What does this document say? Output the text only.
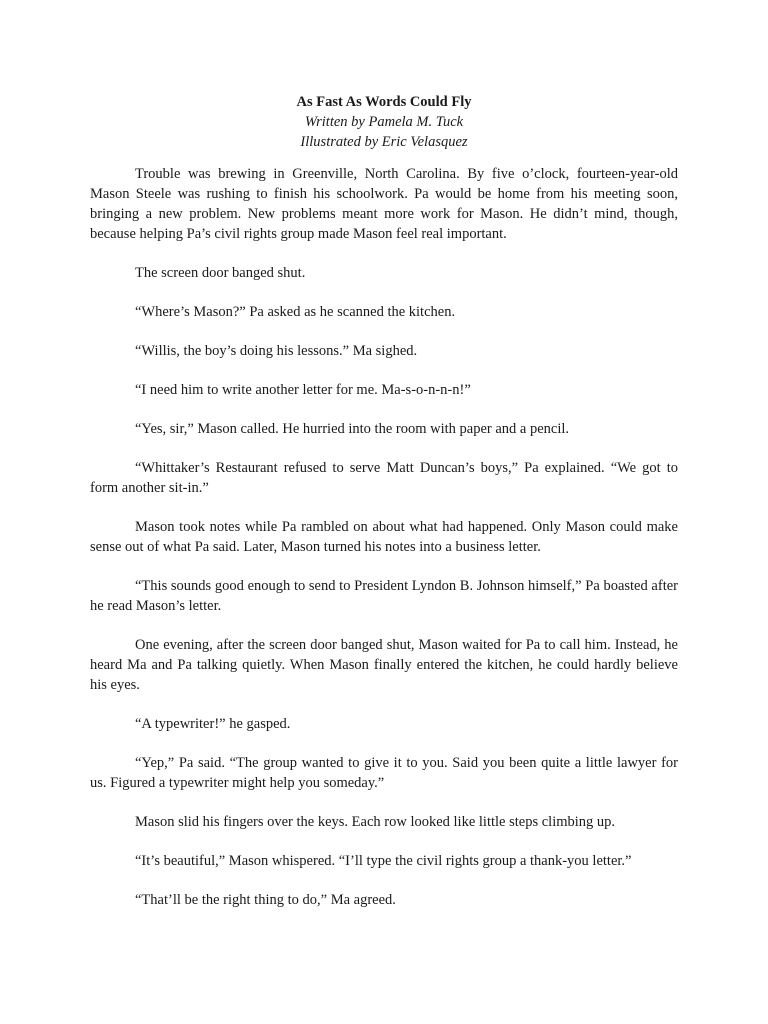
As Fast As Words Could Fly
Written by Pamela M. Tuck
Illustrated by Eric Velasquez

Trouble was brewing in Greenville, North Carolina. By five o’clock, fourteen-year-old Mason Steele was rushing to finish his schoolwork. Pa would be home from his meeting soon, bringing a new problem. New problems meant more work for Mason. He didn’t mind, though, because helping Pa’s civil rights group made Mason feel real important.

The screen door banged shut.

“Where’s Mason?” Pa asked as he scanned the kitchen.

“Willis, the boy’s doing his lessons.” Ma sighed.

“I need him to write another letter for me. Ma-s-o-n-n-n!”

“Yes, sir,” Mason called. He hurried into the room with paper and a pencil.

“Whittaker’s Restaurant refused to serve Matt Duncan’s boys,” Pa explained. “We got to form another sit-in.”

Mason took notes while Pa rambled on about what had happened. Only Mason could make sense out of what Pa said. Later, Mason turned his notes into a business letter.

“This sounds good enough to send to President Lyndon B. Johnson himself,” Pa boasted after he read Mason’s letter.

One evening, after the screen door banged shut, Mason waited for Pa to call him. Instead, he heard Ma and Pa talking quietly. When Mason finally entered the kitchen, he could hardly believe his eyes.

“A typewriter!” he gasped.

“Yep,” Pa said. “The group wanted to give it to you. Said you been quite a little lawyer for us. Figured a typewriter might help you someday.”

Mason slid his fingers over the keys. Each row looked like little steps climbing up.

“It’s beautiful,” Mason whispered. “I’ll type the civil rights group a thank-you letter.”

“That’ll be the right thing to do,” Ma agreed.
